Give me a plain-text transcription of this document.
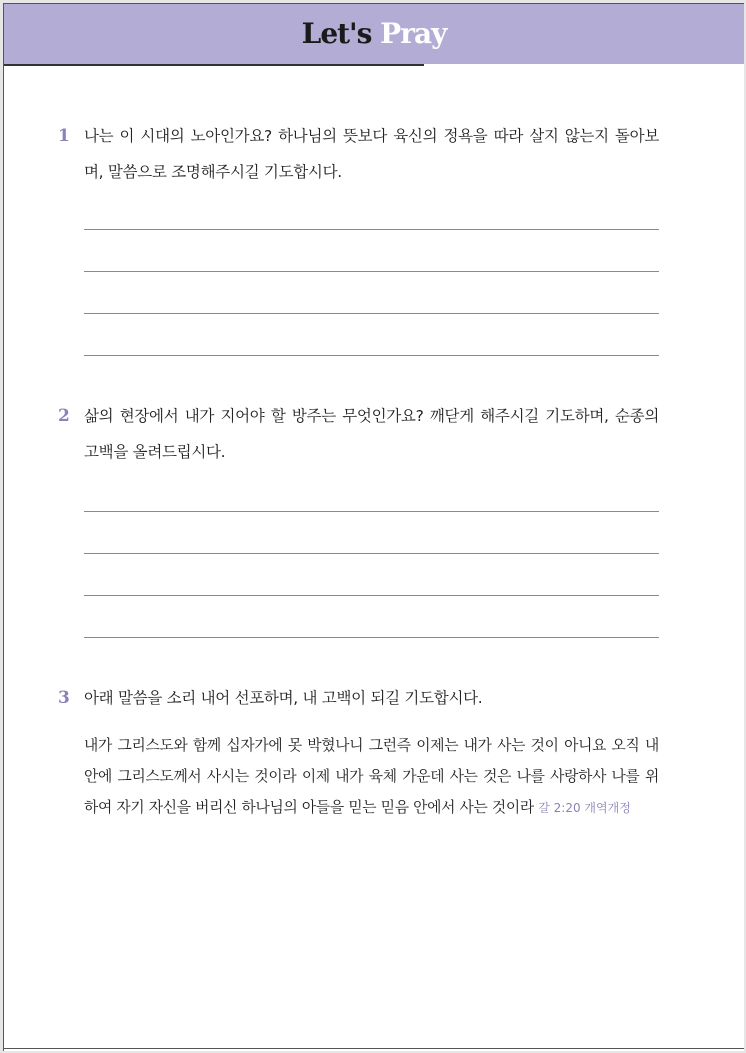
Let's Pray
1 나는 이 시대의 노아인가요? 하나님의 뜻보다 육신의 정욕을 따라 살지 않는지 돌아보며, 말씀으로 조명해주시길 기도합시다.
2 삶의 현장에서 내가 지어야 할 방주는 무엇인가요? 깨닫게 해주시길 기도하며, 순종의 고백을 올려드립시다.
3 아래 말씀을 소리 내어 선포하며, 내 고백이 되길 기도합시다.
내가 그리스도와 함께 십자가에 못 박혔나니 그런즉 이제는 내가 사는 것이 아니요 오직 내 안에 그리스도께서 사시는 것이라 이제 내가 육체 가운데 사는 것은 나를 사랑하사 나를 위하여 자기 자신을 버리신 하나님의 아들을 믿는 믿음 안에서 사는 것이라 갈 2:20 개역개정
